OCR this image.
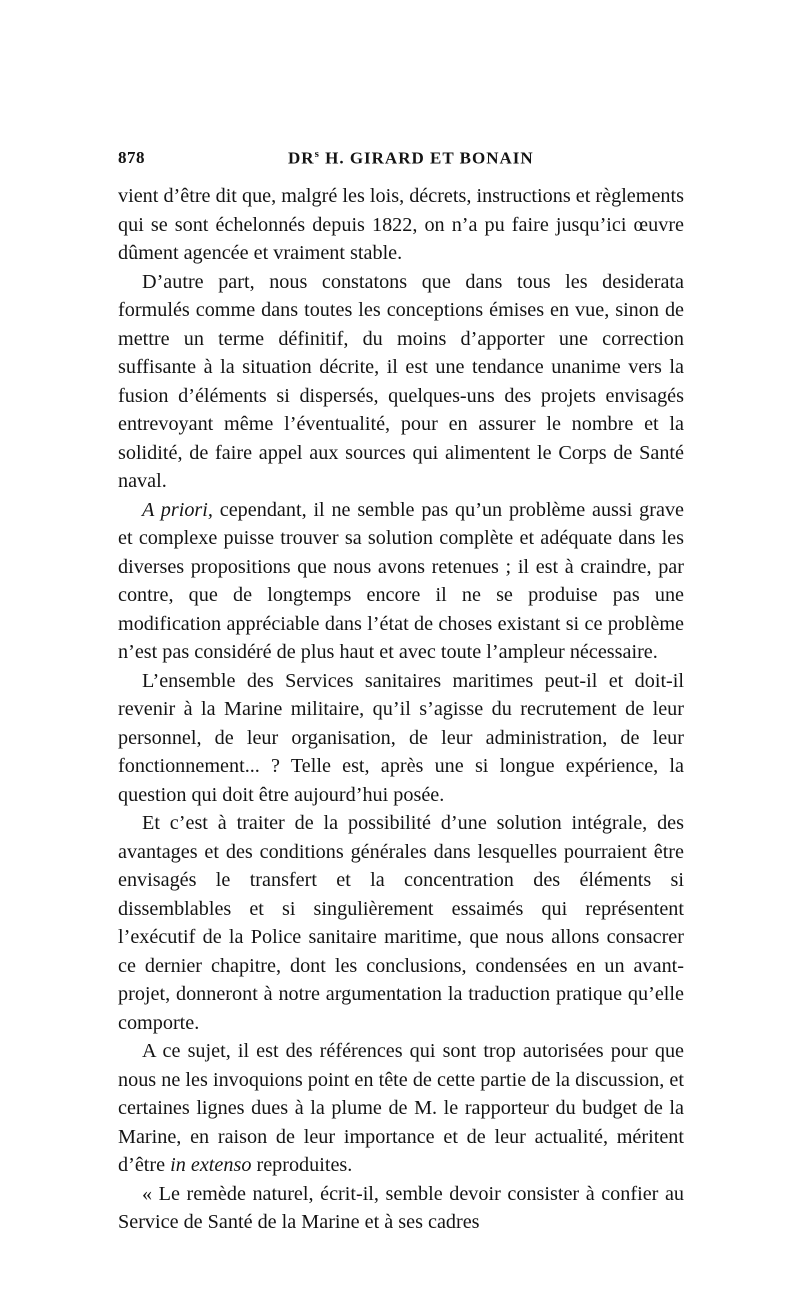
878	$DR^s$ H. GIRARD ET BONAIN

vient d’être dit que, malgré les lois, décrets, instructions et règlements qui se sont échelonnés depuis 1822, on n’a pu faire jusqu’ici œuvre dûment agencée et vraiment stable.

D’autre part, nous constatons que dans tous les desiderata formulés comme dans toutes les conceptions émises en vue, sinon de mettre un terme définitif, du moins d’apporter une correction suffisante à la situation décrite, il est une tendance unanime vers la fusion d’éléments si dispersés, quelques-uns des projets envisagés entrevoyant même l’éventualité, pour en assurer le nombre et la solidité, de faire appel aux sources qui alimentent le Corps de Santé naval.

A priori, cependant, il ne semble pas qu’un problème aussi grave et complexe puisse trouver sa solution complète et adéquate dans les diverses propositions que nous avons retenues ; il est à craindre, par contre, que de longtemps encore il ne se produise pas une modification appréciable dans l’état de choses existant si ce problème n’est pas considéré de plus haut et avec toute l’ampleur nécessaire.

L’ensemble des Services sanitaires maritimes peut-il et doit-il revenir à la Marine militaire, qu’il s’agisse du recrutement de leur personnel, de leur organisation, de leur administration, de leur fonctionnement... ? Telle est, après une si longue expérience, la question qui doit être aujourd’hui posée.

Et c’est à traiter de la possibilité d’une solution intégrale, des avantages et des conditions générales dans lesquelles pourraient être envisagés le transfert et la concentration des éléments si dissemblables et si singulièrement essaimés qui représentent l’exécutif de la Police sanitaire maritime, que nous allons consacrer ce dernier chapitre, dont les conclusions, condensées en un avant-projet, donneront à notre argumentation la traduction pratique qu’elle comporte.

A ce sujet, il est des références qui sont trop autorisées pour que nous ne les invoquions point en tête de cette partie de la discussion, et certaines lignes dues à la plume de M. le rapporteur du budget de la Marine, en raison de leur importance et de leur actualité, méritent d’être in extenso reproduites.

« Le remède naturel, écrit-il, semble devoir consister à confier au Service de Santé de la Marine et à ses cadres
